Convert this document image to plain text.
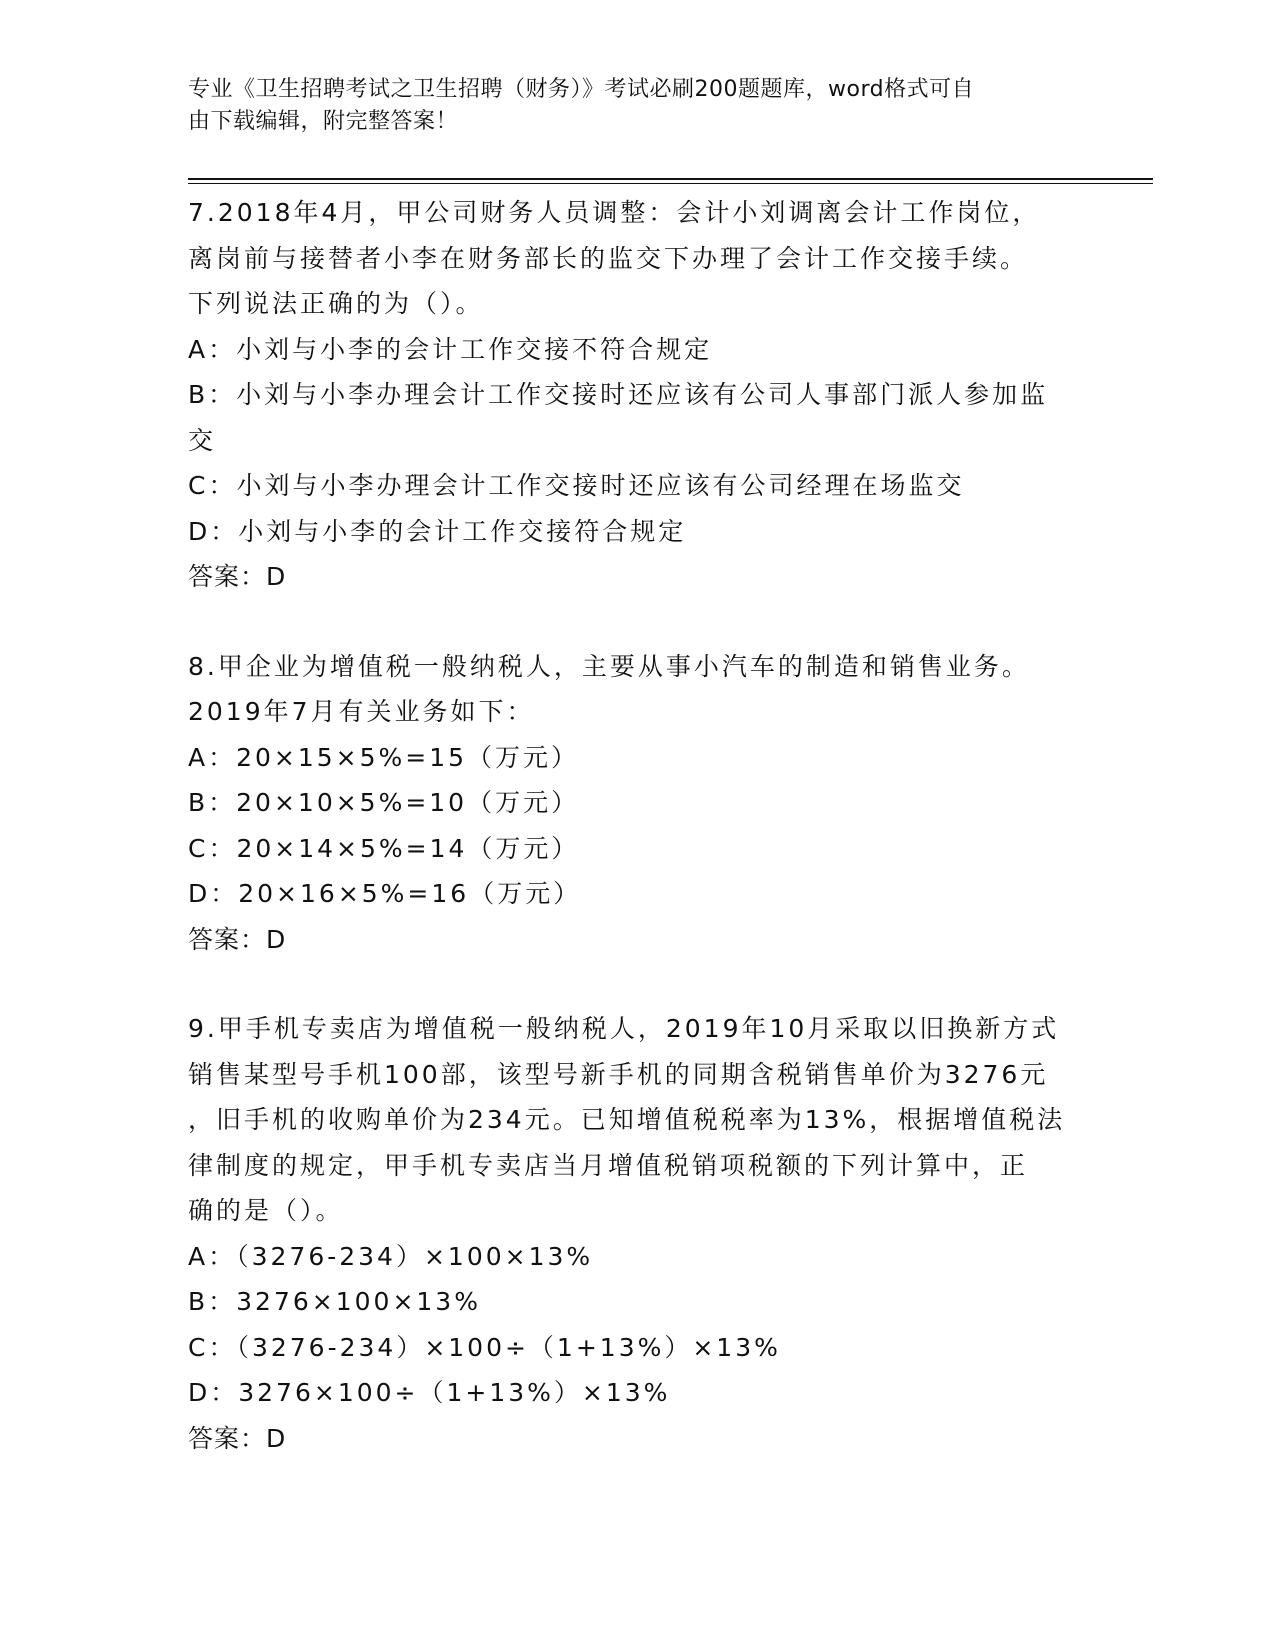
专业《卫生招聘考试之卫生招聘（财务）》考试必刷200题题库，word格式可自
由下载编辑，附完整答案！
7.2018年4月，甲公司财务人员调整：会计小刘调离会计工作岗位，
离岗前与接替者小李在财务部长的监交下办理了会计工作交接手续。
下列说法正确的为（）。
A：小刘与小李的会计工作交接不符合规定
B：小刘与小李办理会计工作交接时还应该有公司人事部门派人参加监
交
C：小刘与小李办理会计工作交接时还应该有公司经理在场监交
D：小刘与小李的会计工作交接符合规定
答案：D
8.甲企业为增值税一般纳税人，主要从事小汽车的制造和销售业务。
2019年7月有关业务如下：
A：20×15×5%=15（万元）
B：20×10×5%=10（万元）
C：20×14×5%=14（万元）
D：20×16×5%=16（万元）
答案：D
9.甲手机专卖店为增值税一般纳税人，2019年10月采取以旧换新方式
销售某型号手机100部，该型号新手机的同期含税销售单价为3276元
，旧手机的收购单价为234元。已知增值税税率为13%，根据增值税法
律制度的规定，甲手机专卖店当月增值税销项税额的下列计算中，正
确的是（）。
A：（3276-234）×100×13%
B：3276×100×13%
C：（3276-234）×100÷（1+13%）×13%
D：3276×100÷（1+13%）×13%
答案：D
